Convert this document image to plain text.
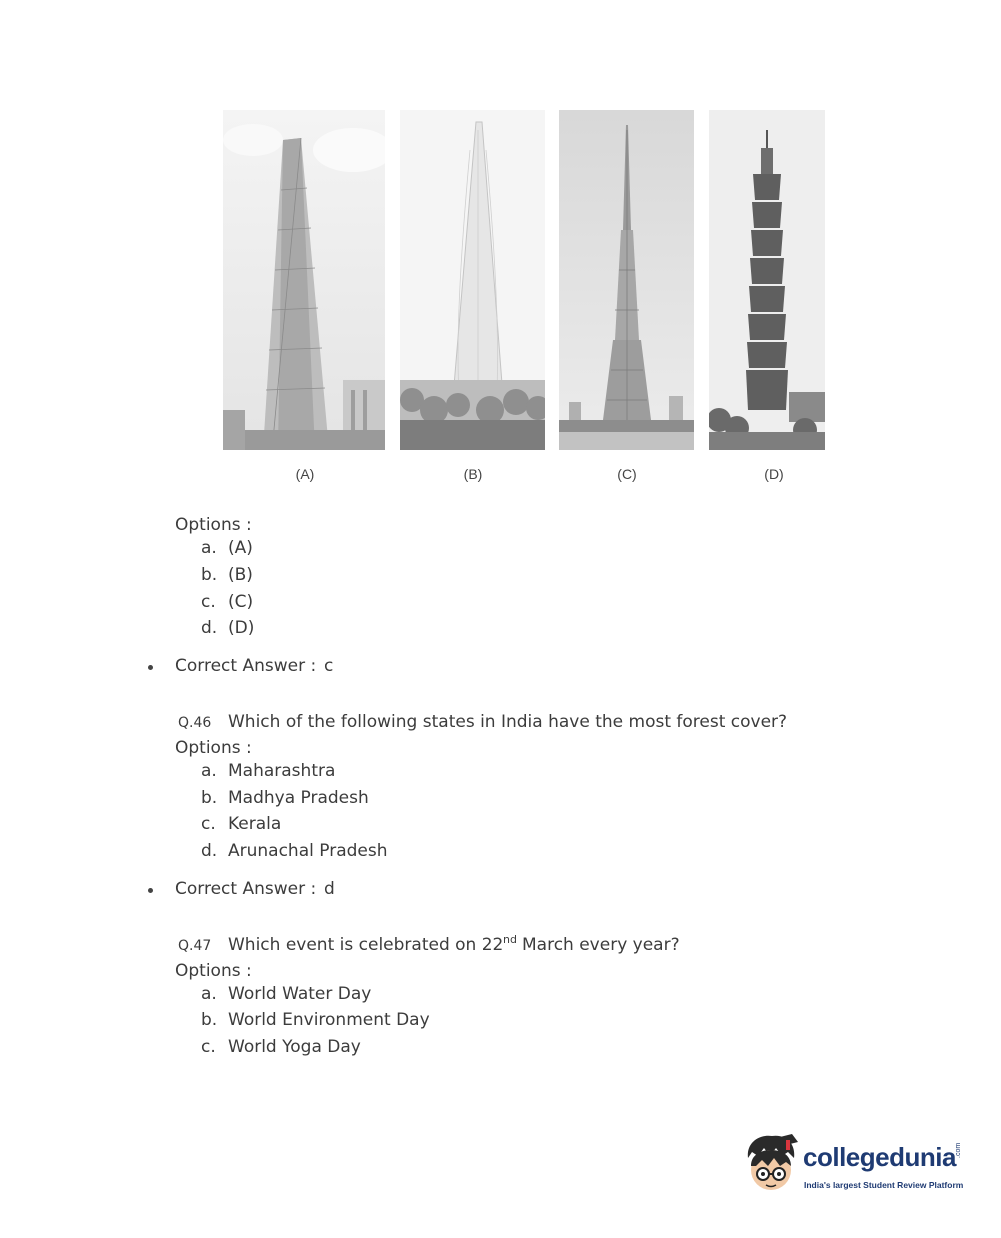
(A)	(B)	(C)	(D)
Options :
a. (A)
b. (B)
c. (C)
d. (D)
Correct Answer : c
Q.46 Which of the following states in India have the most forest cover?
Options :
a. Maharashtra
b. Madhya Pradesh
c. Kerala
d. Arunachal Pradesh
Correct Answer : d
Q.47 Which event is celebrated on 22 nd March every year?
Options :
a. World Water Day
b. World Environment Day
c. World Yoga Day
collegedunia .com
India's largest Student Review Platform
